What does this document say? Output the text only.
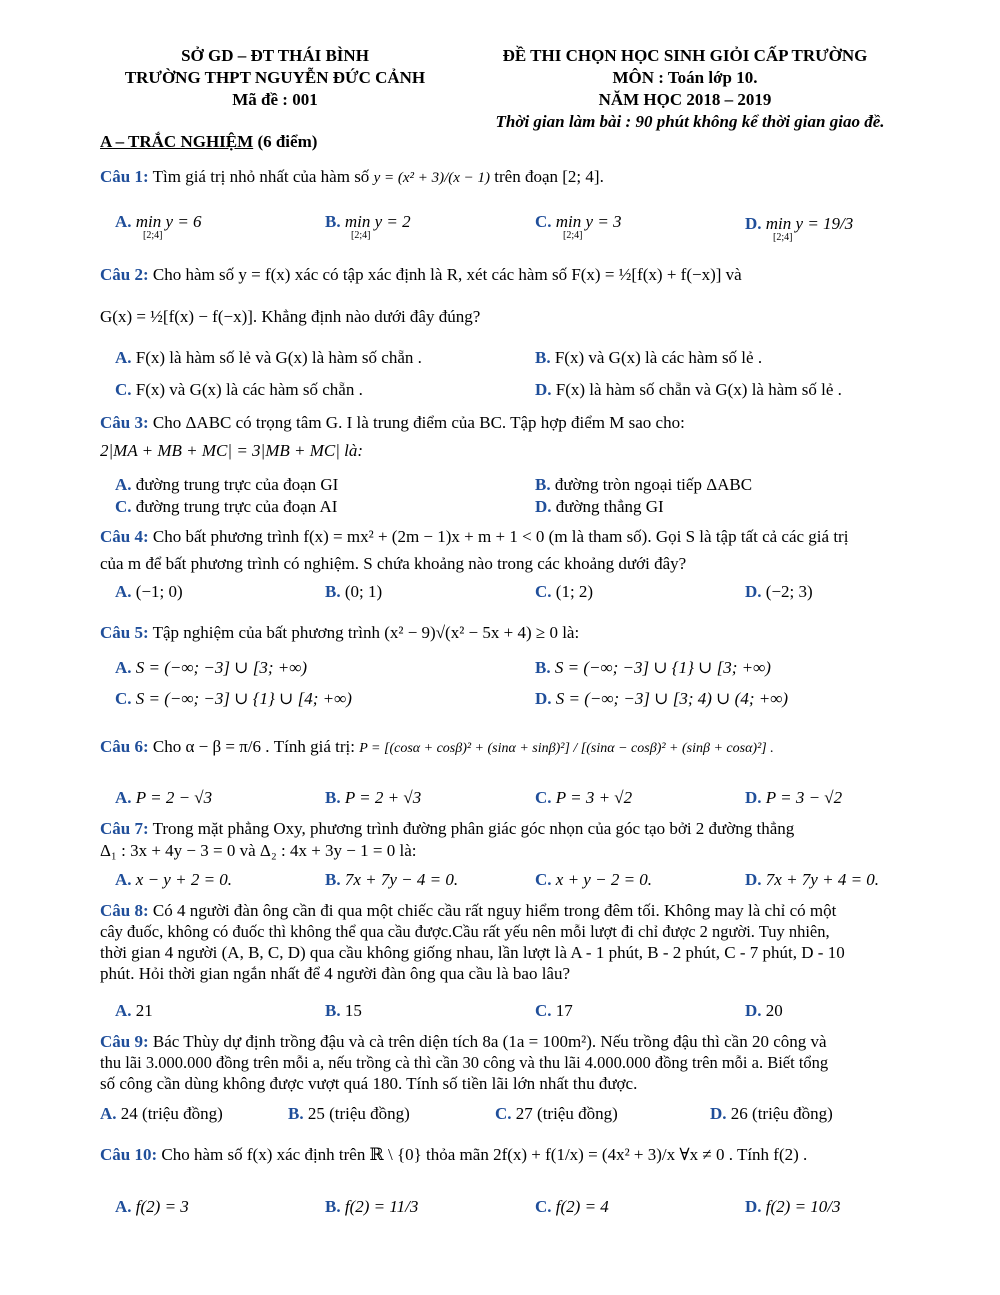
SỞ GD – ĐT THÁI BÌNH
TRƯỜNG THPT NGUYỄN ĐỨC CẢNH
Mã đề : 001
ĐỀ THI CHỌN HỌC SINH GIỎI CẤP TRƯỜNG
MÔN : Toán lớp 10.
NĂM HỌC 2018 – 2019
Thời gian làm bài : 90 phút không kể thời gian giao đề.
A – TRẮC NGHIỆM (6 điểm)
Câu 1: Tìm giá trị nhỏ nhất của hàm số y = (x² + 3)/(x − 1) trên đoạn [2; 4].
A. min y = 6
[2;4]
B. min y = 2
[2;4]
C. min y = 3
[2;4]
D. min y = 19/3
[2;4]
Câu 2: Cho hàm số y = f(x) xác có tập xác định là R, xét các hàm số F(x) = ½[f(x) + f(−x)] và
G(x) = ½[f(x) − f(−x)]. Khẳng định nào dưới đây đúng?
A. F(x) là hàm số lẻ và G(x) là hàm số chẵn .	B. F(x) và G(x) là các hàm số lẻ .
C. F(x) và G(x) là các hàm số chẵn .	D. F(x) là hàm số chẵn và G(x) là hàm số lẻ .
Câu 3: Cho ΔABC có trọng tâm G. I là trung điểm của BC. Tập hợp điểm M sao cho:
2|MA + MB + MC| = 3|MB + MC| là:
A. đường trung trực của đoạn GI	B. đường tròn ngoại tiếp ΔABC
C. đường trung trực của đoạn AI	D. đường thẳng GI
Câu 4: Cho bất phương trình f(x) = mx² + (2m − 1)x + m + 1 < 0 (m là tham số). Gọi S là tập tất cả các giá trị
của m để bất phương trình có nghiệm. S chứa khoảng nào trong các khoảng dưới đây?
A. (−1; 0)	B. (0; 1)	C. (1; 2)	D. (−2; 3)
Câu 5: Tập nghiệm của bất phương trình (x² − 9)√(x² − 5x + 4) ≥ 0 là:
A. S = (−∞; −3] ∪ [3; +∞)	B. S = (−∞; −3] ∪ {1} ∪ [3; +∞)
C. S = (−∞; −3] ∪ {1} ∪ [4; +∞)	D. S = (−∞; −3] ∪ [3; 4) ∪ (4; +∞)
Câu 6: Cho α − β = π/6 . Tính giá trị: P = [(cosα + cosβ)² + (sinα + sinβ)²] / [(sinα − cosβ)² + (sinβ + cosα)²] .
A. P = 2 − √3	B. P = 2 + √3	C. P = 3 + √2	D. P = 3 − √2
Câu 7: Trong mặt phẳng Oxy, phương trình đường phân giác góc nhọn của góc tạo bởi 2 đường thẳng
Δ₁ : 3x + 4y − 3 = 0 và Δ₂ : 4x + 3y − 1 = 0 là:
A. x − y + 2 = 0.	B. 7x + 7y − 4 = 0.	C. x + y − 2 = 0.	D. 7x + 7y + 4 = 0.
Câu 8: Có 4 người đàn ông cần đi qua một chiếc cầu rất nguy hiểm trong đêm tối. Không may là chỉ có một
cây đuốc, không có đuốc thì không thể qua cầu được.Cầu rất yếu nên mỗi lượt đi chỉ được 2 người. Tuy nhiên,
thời gian 4 người (A, B, C, D) qua cầu không giống nhau, lần lượt là A - 1 phút, B - 2 phút, C - 7 phút, D - 10
phút. Hỏi thời gian ngắn nhất để 4 người đàn ông qua cầu là bao lâu?
A. 21	B. 15	C. 17	D. 20
Câu 9: Bác Thùy dự định trồng đậu và cà trên diện tích 8a (1a = 100m²). Nếu trồng đậu thì cần 20 công và
thu lãi 3.000.000 đồng trên mỗi a, nếu trồng cà thì cần 30 công và thu lãi 4.000.000 đồng trên mỗi a. Biết tổng
số công cần dùng không được vượt quá 180. Tính số tiền lãi lớn nhất thu được.
A. 24 (triệu đồng)	B. 25 (triệu đồng)	C. 27 (triệu đồng)	D. 26 (triệu đồng)
Câu 10: Cho hàm số f(x) xác định trên ℝ \ {0} thỏa mãn 2f(x) + f(1/x) = (4x² + 3)/x ∀x ≠ 0 . Tính f(2) .
A. f(2) = 3	B. f(2) = 11/3	C. f(2) = 4	D. f(2) = 10/3
